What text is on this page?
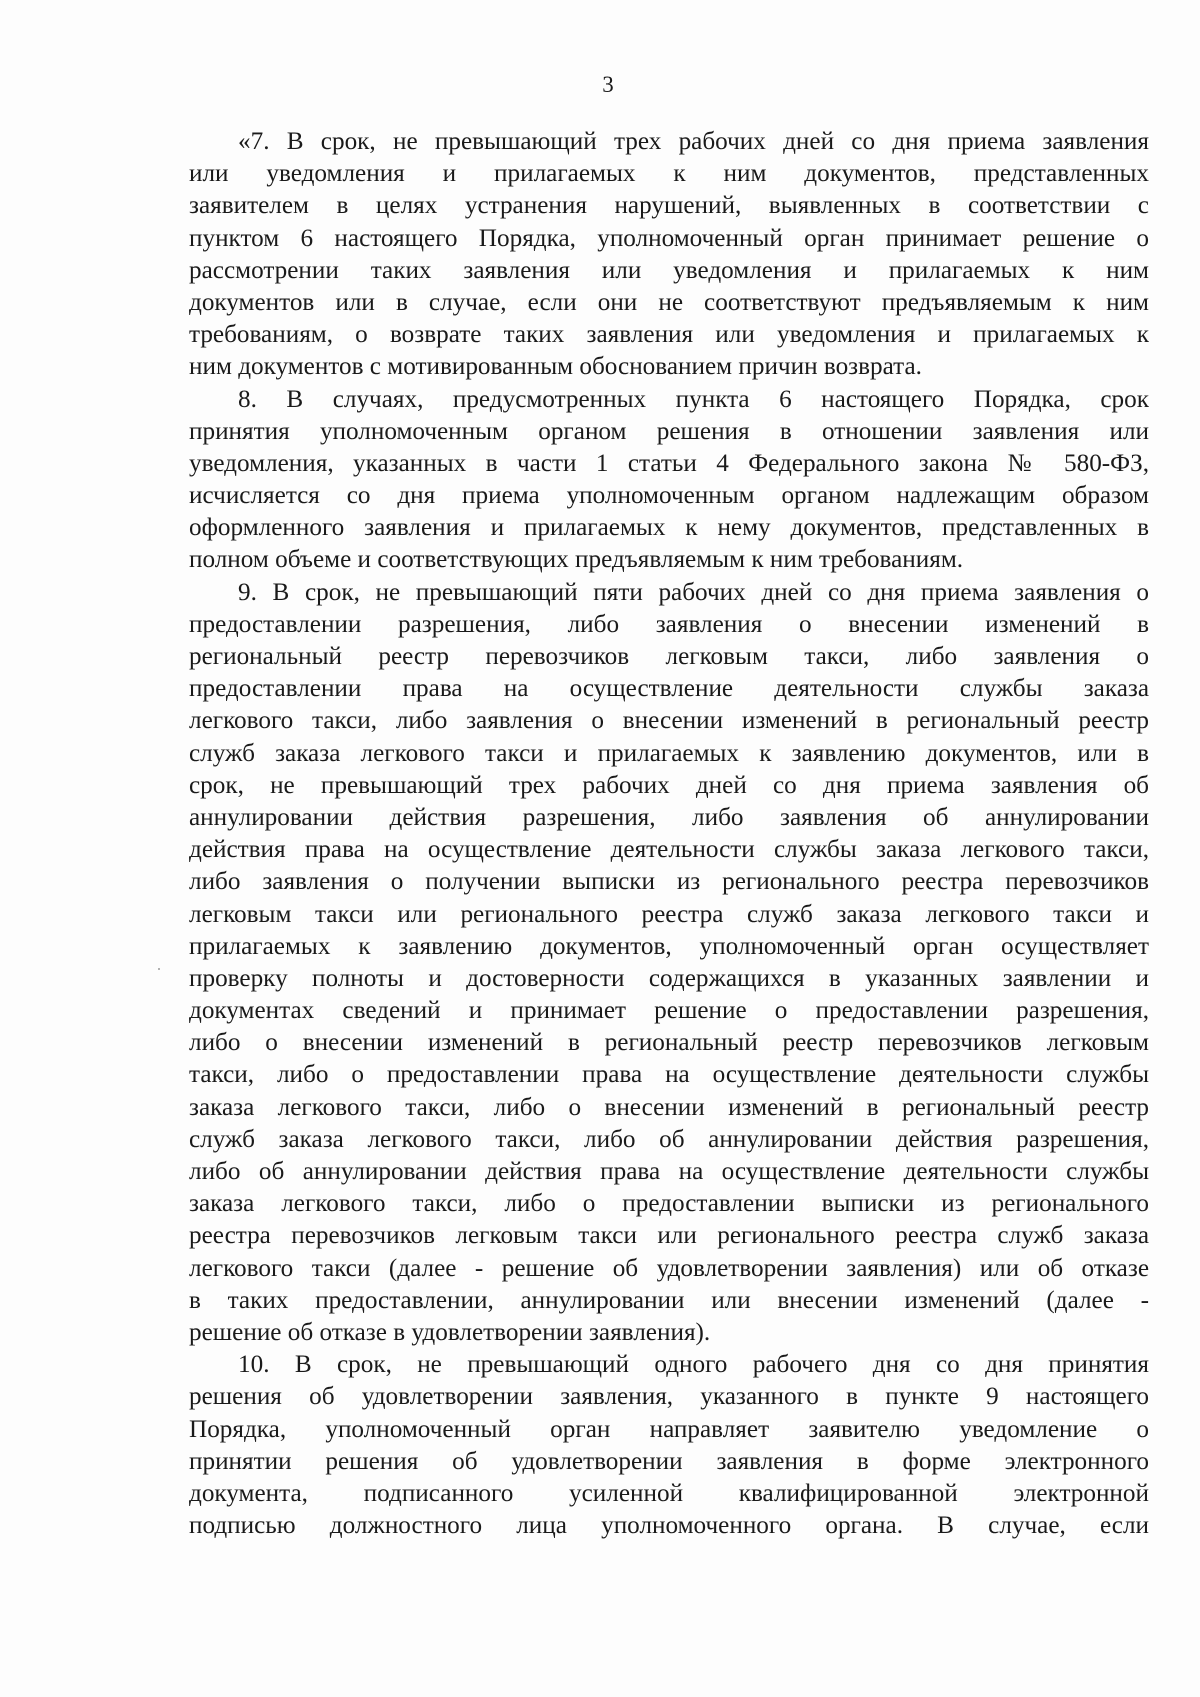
3
«7. В срок, не превышающий трех рабочих дней со дня приема заявления
или уведомления и прилагаемых к ним документов, представленных
заявителем в целях устранения нарушений, выявленных в соответствии с
пунктом 6 настоящего Порядка, уполномоченный орган принимает решение о
рассмотрении таких заявления или уведомления и прилагаемых к ним
документов или в случае, если они не соответствуют предъявляемым к ним
требованиям, о возврате таких заявления или уведомления и прилагаемых к
ним документов с мотивированным обоснованием причин возврата.
8. В случаях, предусмотренных пункта 6 настоящего Порядка, срок
принятия уполномоченным органом решения в отношении заявления или
уведомления, указанных в части 1 статьи 4 Федерального закона № 580-ФЗ,
исчисляется со дня приема уполномоченным органом надлежащим образом
оформленного заявления и прилагаемых к нему документов, представленных в
полном объеме и соответствующих предъявляемым к ним требованиям.
9. В срок, не превышающий пяти рабочих дней со дня приема заявления о
предоставлении разрешения, либо заявления о внесении изменений в
региональный реестр перевозчиков легковым такси, либо заявления о
предоставлении права на осуществление деятельности службы заказа
легкового такси, либо заявления о внесении изменений в региональный реестр
служб заказа легкового такси и прилагаемых к заявлению документов, или в
срок, не превышающий трех рабочих дней со дня приема заявления об
аннулировании действия разрешения, либо заявления об аннулировании
действия права на осуществление деятельности службы заказа легкового такси,
либо заявления о получении выписки из регионального реестра перевозчиков
легковым такси или регионального реестра служб заказа легкового такси и
прилагаемых к заявлению документов, уполномоченный орган осуществляет
проверку полноты и достоверности содержащихся в указанных заявлении и
документах сведений и принимает решение о предоставлении разрешения,
либо о внесении изменений в региональный реестр перевозчиков легковым
такси, либо о предоставлении права на осуществление деятельности службы
заказа легкового такси, либо о внесении изменений в региональный реестр
служб заказа легкового такси, либо об аннулировании действия разрешения,
либо об аннулировании действия права на осуществление деятельности службы
заказа легкового такси, либо о предоставлении выписки из регионального
реестра перевозчиков легковым такси или регионального реестра служб заказа
легкового такси (далее - решение об удовлетворении заявления) или об отказе
в таких предоставлении, аннулировании или внесении изменений (далее -
решение об отказе в удовлетворении заявления).
10. В срок, не превышающий одного рабочего дня со дня принятия
решения об удовлетворении заявления, указанного в пункте 9 настоящего
Порядка, уполномоченный орган направляет заявителю уведомление о
принятии решения об удовлетворении заявления в форме электронного
документа, подписанного усиленной квалифицированной электронной
подписью должностного лица уполномоченного органа. В случае, если
